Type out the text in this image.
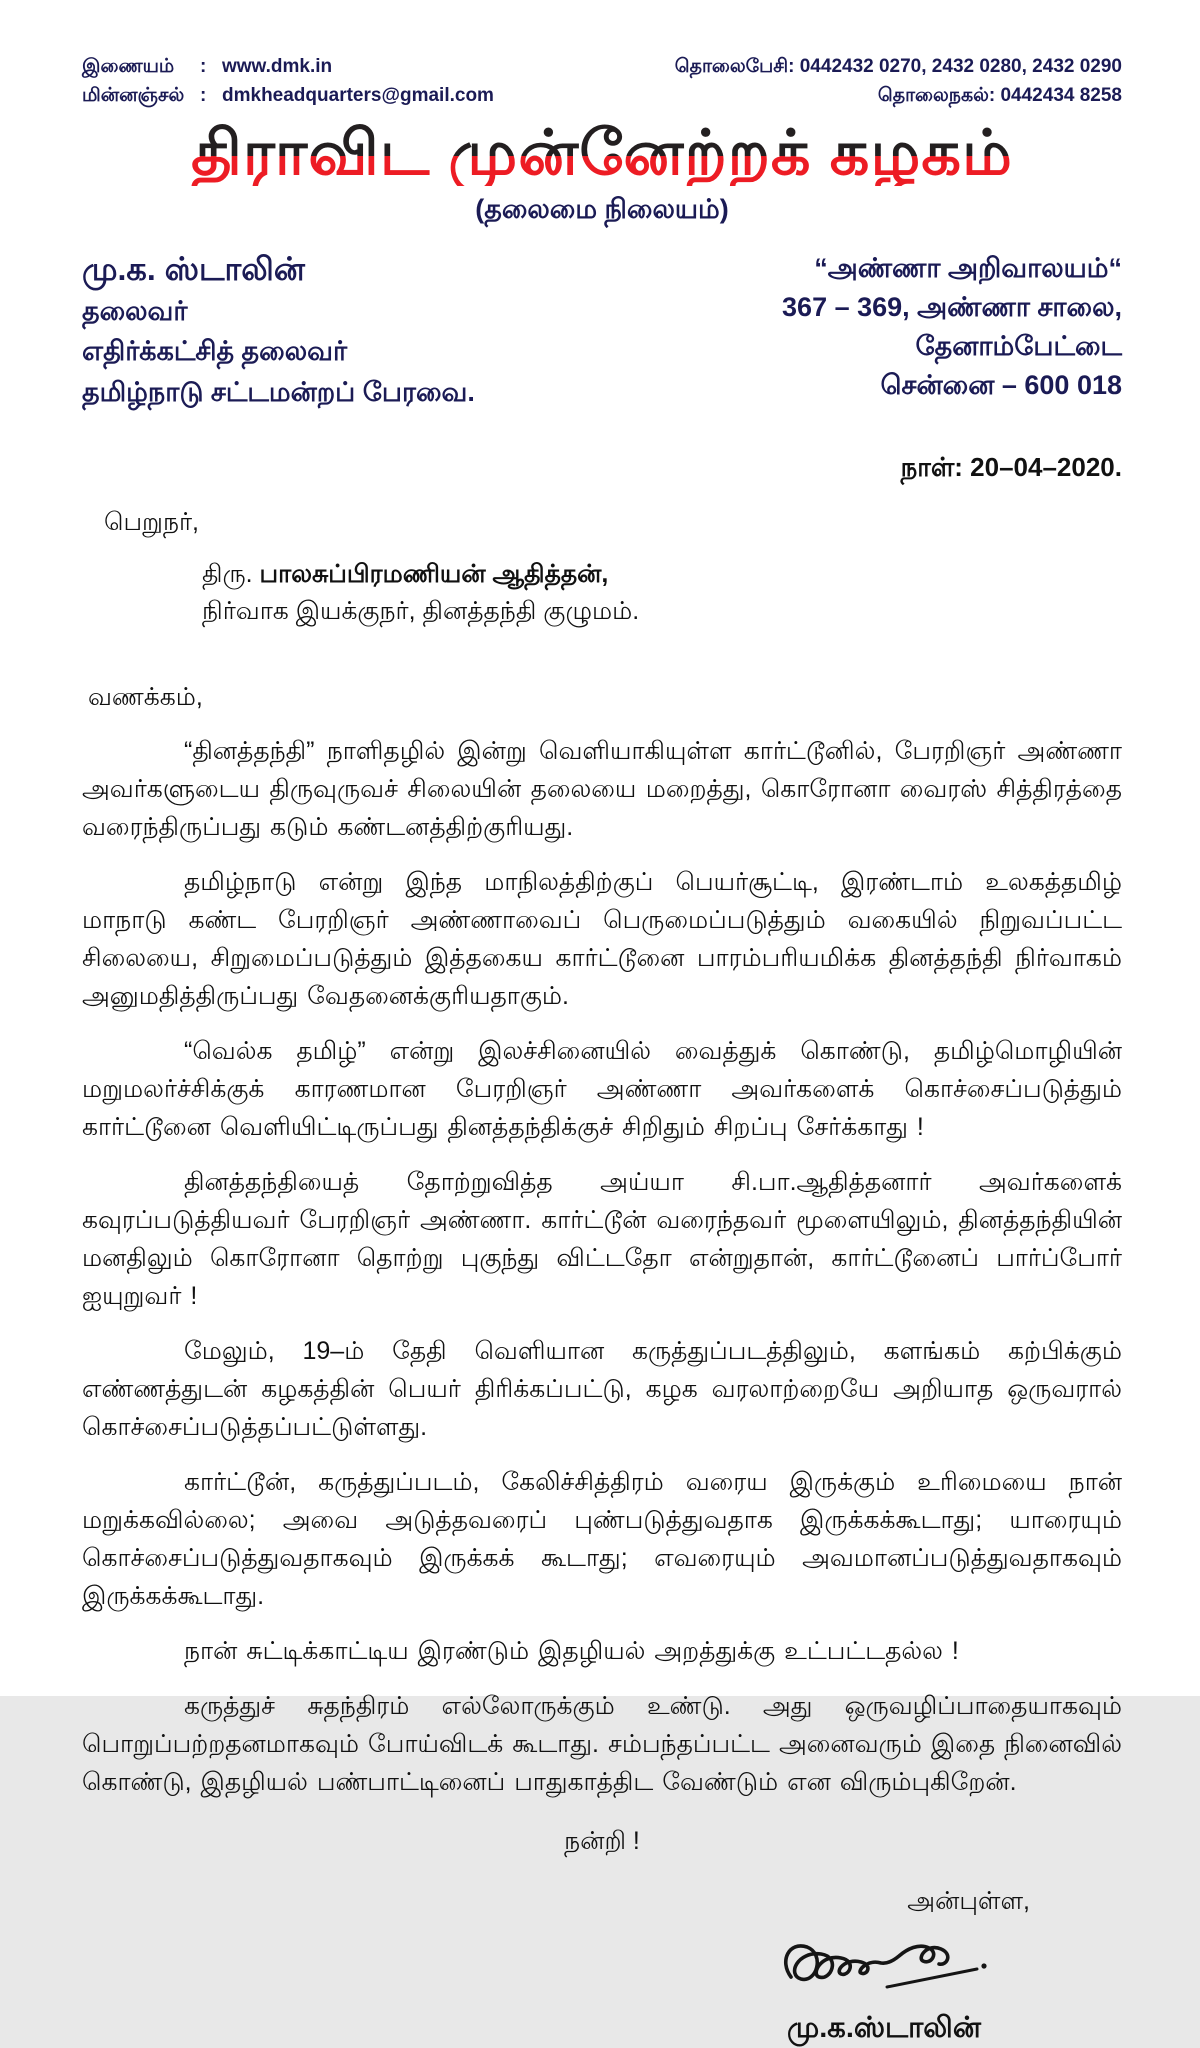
இணையம்	: www.dmk.in
மின்னஞ்சல் : dmkheadquarters@gmail.com
தொலைபேசி: 0442432 0270, 2432 0280, 2432 0290
தொலைநகல்: 0442434 8258
திராவிட முன்னேற்றக் கழகம்
(தலைமை நிலையம்)
மு.க. ஸ்டாலின்
தலைவர்
எதிர்க்கட்சித் தலைவர்
தமிழ்நாடு சட்டமன்றப் பேரவை.
“அண்ணா அறிவாலயம்“
367 – 369, அண்ணா சாலை,
தேனாம்பேட்டை
சென்னை – 600 018
நாள்: 20–04–2020.
பெறுநர்,
திரு. பாலசுப்பிரமணியன் ஆதித்தன்,
நிர்வாக இயக்குநர், தினத்தந்தி குழுமம்.
வணக்கம்,

“தினத்தந்தி” நாளிதழில் இன்று வெளியாகியுள்ள கார்ட்டூனில், பேரறிஞர் அண்ணா அவர்களுடைய திருவுருவச் சிலையின் தலையை மறைத்து, கொரோனா வைரஸ் சித்திரத்தை வரைந்திருப்பது கடும் கண்டனத்திற்குரியது.

தமிழ்நாடு என்று இந்த மாநிலத்திற்குப் பெயர்சூட்டி, இரண்டாம் உலகத்தமிழ் மாநாடு கண்ட பேரறிஞர் அண்ணாவைப் பெருமைப்படுத்தும் வகையில் நிறுவப்பட்ட சிலையை, சிறுமைப்படுத்தும் இத்தகைய கார்ட்டூனை பாரம்பரியமிக்க தினத்தந்தி நிர்வாகம் அனுமதித்திருப்பது வேதனைக்குரியதாகும்.

“வெல்க தமிழ்” என்று இலச்சினையில் வைத்துக் கொண்டு, தமிழ்மொழியின் மறுமலர்ச்சிக்குக் காரணமான பேரறிஞர் அண்ணா அவர்களைக் கொச்சைப்படுத்தும் கார்ட்டூனை வெளியிட்டிருப்பது தினத்தந்திக்குச் சிறிதும் சிறப்பு சேர்க்காது !

தினத்தந்தியைத் தோற்றுவித்த அய்யா சி.பா.ஆதித்தனார் அவர்களைக் கவுரப்படுத்தியவர் பேரறிஞர் அண்ணா. கார்ட்டூன் வரைந்தவர் மூளையிலும், தினத்தந்தியின் மனதிலும் கொரோனா தொற்று புகுந்து விட்டதோ என்றுதான், கார்ட்டூனைப் பார்ப்போர் ஐயுறுவர் !

மேலும், 19–ம் தேதி வெளியான கருத்துப்படத்திலும், களங்கம் கற்பிக்கும் எண்ணத்துடன் கழகத்தின் பெயர் திரிக்கப்பட்டு, கழக வரலாற்றையே அறியாத ஒருவரால் கொச்சைப்படுத்தப்பட்டுள்ளது.

கார்ட்டூன், கருத்துப்படம், கேலிச்சித்திரம் வரைய இருக்கும் உரிமையை நான் மறுக்கவில்லை; அவை அடுத்தவரைப் புண்படுத்துவதாக இருக்கக்கூடாது; யாரையும் கொச்சைப்படுத்துவதாகவும் இருக்கக் கூடாது; எவரையும் அவமானப்படுத்துவதாகவும் இருக்கக்கூடாது.

நான் சுட்டிக்காட்டிய இரண்டும் இதழியல் அறத்துக்கு உட்பட்டதல்ல !

கருத்துச் சுதந்திரம் எல்லோருக்கும் உண்டு. அது ஒருவழிப்பாதையாகவும் பொறுப்பற்றதனமாகவும் போய்விடக் கூடாது. சம்பந்தப்பட்ட அனைவரும் இதை நினைவில் கொண்டு, இதழியல் பண்பாட்டினைப் பாதுகாத்திட வேண்டும் என விரும்புகிறேன்.

நன்றி !
அன்புள்ள,
மு.க.ஸ்டாலின்
